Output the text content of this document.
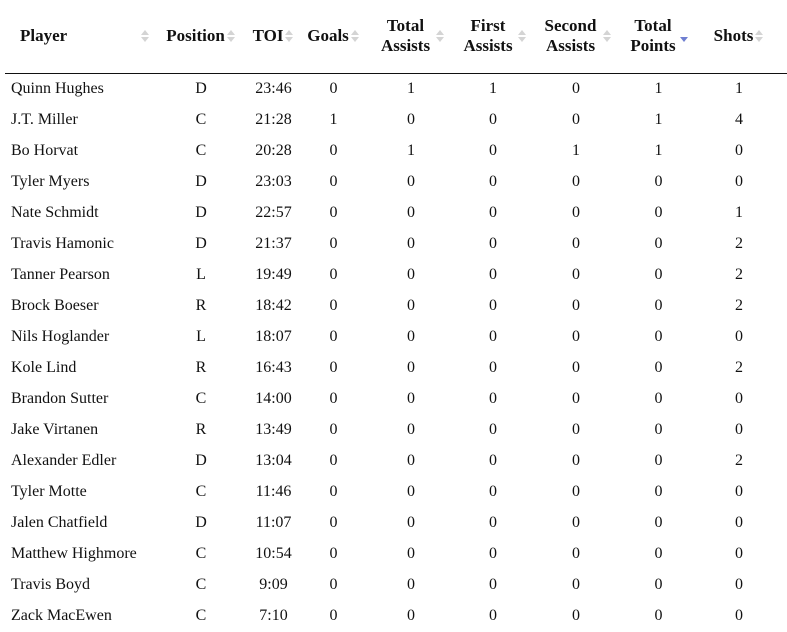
Player	Position	TOI	Goals	Total Assists	First Assists	Second Assists	Total Points	Shots

Quinn Hughes	D	23:46	0	1	1	0	1	1
J.T. Miller	C	21:28	1	0	0	0	1	4
Bo Horvat	C	20:28	0	1	0	1	1	0
Tyler Myers	D	23:03	0	0	0	0	0	0
Nate Schmidt	D	22:57	0	0	0	0	0	1
Travis Hamonic	D	21:37	0	0	0	0	0	2
Tanner Pearson	L	19:49	0	0	0	0	0	2
Brock Boeser	R	18:42	0	0	0	0	0	2
Nils Hoglander	L	18:07	0	0	0	0	0	0
Kole Lind	R	16:43	0	0	0	0	0	2
Brandon Sutter	C	14:00	0	0	0	0	0	0
Jake Virtanen	R	13:49	0	0	0	0	0	0
Alexander Edler	D	13:04	0	0	0	0	0	2
Tyler Motte	C	11:46	0	0	0	0	0	0
Jalen Chatfield	D	11:07	0	0	0	0	0	0
Matthew Highmore	C	10:54	0	0	0	0	0	0
Travis Boyd	C	9:09	0	0	0	0	0	0
Zack MacEwen	C	7:10	0	0	0	0	0	0
